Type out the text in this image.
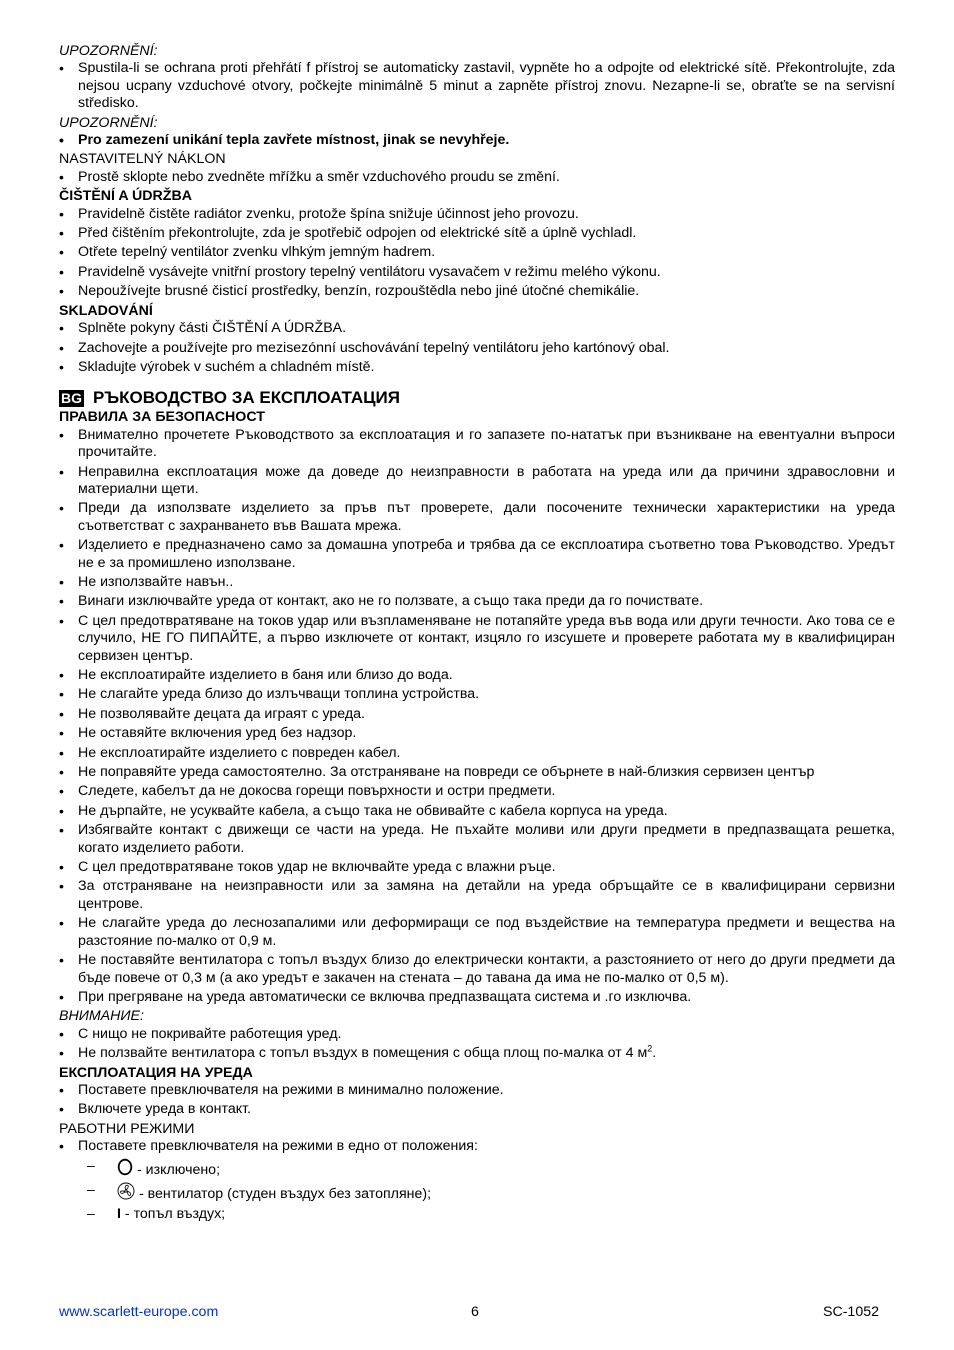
UPOZORNĚNÍ:
• Spustila-li se ochrana proti přehřátí f přístroj se automaticky zastavil, vypněte ho a odpojte od elektrické sítě. Překontrolujte, zda nejsou ucpany vzduchové otvory, počkejte minimálně 5 minut a zapněte přístroj znovu. Nezapne-li se, obraťte se na servisní středisko.
UPOZORNĚNÍ:
• Pro zamezení unikání tepla zavřete místnost, jinak se nevyhřeje.
NASTAVITELNÝ NÁKLON
• Prostě sklopte nebo zvedněte mřížku a směr vzduchového proudu se změní.
ČIŠTĚNÍ A ÚDRŽBA
• Pravidelně čistěte radiátor zvenku, protože špína snižuje účinnost jeho provozu.
• Před čištěním překontrolujte, zda je spotřebič odpojen od elektrické sítě a úplně vychladl.
• Otřete tepelný ventilátor zvenku vlhkým jemným hadrem.
• Pravidelně vysávejte vnitřní prostory tepelný ventilátoru vysavačem v režimu melého výkonu.
• Nepoužívejte brusné čisticí prostředky, benzín, rozpouštědla nebo jiné útočné chemikálie.
SKLADOVÁNÍ
• Splněte pokyny části ČIŠTĚNÍ A ÚDRŽBA.
• Zachovejte a používejte pro mezisezónní uschovávání tepelný ventilátoru jeho kartónový obal.
• Skladujte výrobek v suchém a chladném místě.
BG РЪКОВОДСТВО ЗА ЕКСПЛОАТАЦИЯ
ПРАВИЛА ЗА БЕЗОПАСНОСТ
• Внимателно прочетете Ръководството за експлоатация и го запазете по-нататък при възникване на евентуални въпроси прочитайте.
• Неправилна експлоатация може да доведе до неизправности в работата на уреда или да причини здравословни и материални щети.
• Преди да използвате изделието за пръв път проверете, дали посочените технически характеристики на уреда съответстват с захранването във Вашата мрежа.
• Изделието е предназначено само за домашна употреба и трябва да се експлоатира съответно това Ръководство. Уредът не е за промишлено използване.
• Не използвайте навън..
• Винаги изключвайте уреда от контакт, ако не го ползвате, а също така преди да го почиствате.
• С цел предотвратяване на токов удар или възпламеняване не потапяйте уреда във вода или други течности. Ако това се е случило, НЕ ГО ПИПАЙТЕ, а първо изключете от контакт, изцяло го изсушете и проверете работата му в квалифициран сервизен център.
• Не експлоатирайте изделието в баня или близо до вода.
• Не слагайте уреда близо до излъчващи топлина устройства.
• Не позволявайте децата да играят с уреда.
• Не оставяйте включения уред без надзор.
• Не експлоатирайте изделието с повреден кабел.
• Не поправяйте уреда самостоятелно. За отстраняване на повреди се обърнете в най-близкия сервизен център
• Следете, кабелът да не докосва горещи повърхности и остри предмети.
• Не дърпайте, не усуквайте кабела, а също така не обвивайте с кабела корпуса на уреда.
• Избягвайте контакт с движещи се части на уреда. Не пъхайте моливи или други предмети в предпазващата решетка, когато изделието работи.
• С цел предотвратяване токов удар не включвайте уреда с влажни ръце.
• За отстраняване на неизправности или за замяна на детайли на уреда обръщайте се в квалифицирани сервизни центрове.
• Не слагайте уреда до леснозапалими или деформиращи се под въздействие на температура предмети и вещества на разстояние по-малко от 0,9 м.
• Не поставяйте вентилатора с топъл въздух близо до електрически контакти, а разстоянието от него до други предмети да бъде повече от 0,3 м (а ако уредът е закачен на стената – до тавана да има не по-малко от 0,5 м).
• При прегряване на уреда автоматически се включва предпазващата система и .го изключва.
ВНИМАНИЕ:
• С нищо не покривайте работещия уред.
• Не ползвайте вентилатора с топъл въздух в помещения с обща площ по-малка от 4 $м^2$.
ЕКСПЛОАТАЦИЯ НА УРЕДА
• Поставете превключвателя на режими в минимално положение.
• Включете уреда в контакт.
РАБОТНИ РЕЖИМИ
• Поставете превключвателя на режими в едно от положения:
– - изключено;
– - вентилатор (студен въздух без затопляне);
– I - топъл въздух;
www.scarlett-europe.com	6	SC-1052
